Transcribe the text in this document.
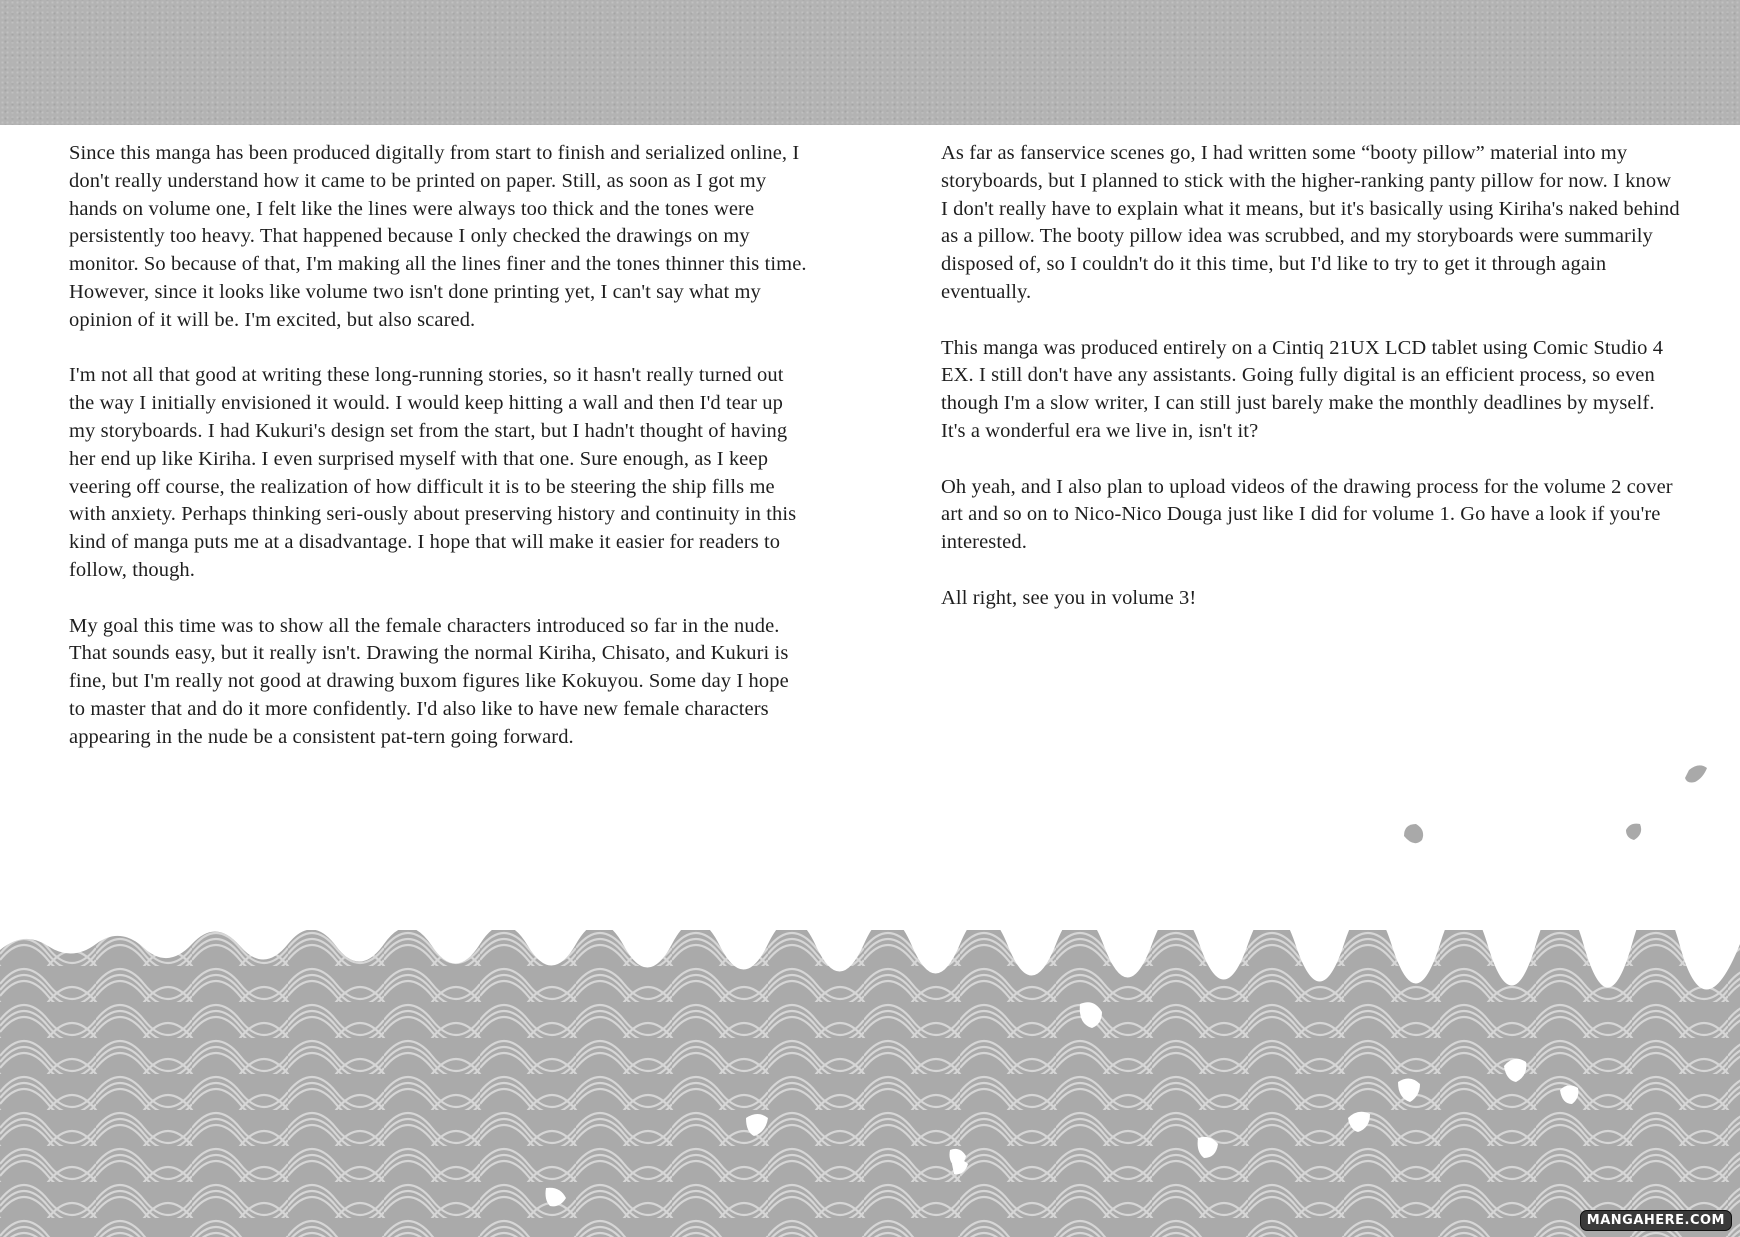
Since this manga has been produced digitally from start to finish and serialized online, I don't really understand how it came to be printed on paper. Still, as soon as I got my hands on volume one, I felt like the lines were always too thick and the tones were persistently too heavy. That happened because I only checked the drawings on my monitor. So because of that, I'm making all the lines finer and the tones thinner this time. However, since it looks like volume two isn't done printing yet, I can't say what my opinion of it will be. I'm excited, but also scared.

I'm not all that good at writing these long-running stories, so it hasn't really turned out the way I initially envisioned it would. I would keep hitting a wall and then I'd tear up my storyboards. I had Kukuri's design set from the start, but I hadn't thought of having her end up like Kiriha. I even surprised myself with that one. Sure enough, as I keep veering off course, the realization of how difficult it is to be steering the ship fills me with anxiety. Perhaps thinking seri-ously about preserving history and continuity in this kind of manga puts me at a disadvantage. I hope that will make it easier for readers to follow, though.

My goal this time was to show all the female characters introduced so far in the nude. That sounds easy, but it really isn't. Drawing the normal Kiriha, Chisato, and Kukuri is fine, but I'm really not good at drawing buxom figures like Kokuyou. Some day I hope to master that and do it more confidently. I'd also like to have new female characters appearing in the nude be a consistent pat-tern going forward.

As far as fanservice scenes go, I had written some “booty pillow” material into my storyboards, but I planned to stick with the higher-ranking panty pillow for now. I know I don't really have to explain what it means, but it's basically using Kiriha's naked behind as a pillow. The booty pillow idea was scrubbed, and my storyboards were summarily disposed of, so I couldn't do it this time, but I'd like to try to get it through again eventually.

This manga was produced entirely on a Cintiq 21UX LCD tablet using Comic Studio 4 EX. I still don't have any assistants. Going fully digital is an efficient process, so even though I'm a slow writer, I can still just barely make the monthly deadlines by myself. It's a wonderful era we live in, isn't it?

Oh yeah, and I also plan to upload videos of the drawing process for the volume 2 cover art and so on to Nico-Nico Douga just like I did for volume 1. Go have a look if you're interested.

All right, see you in volume 3!

MANGAHERE.COM
